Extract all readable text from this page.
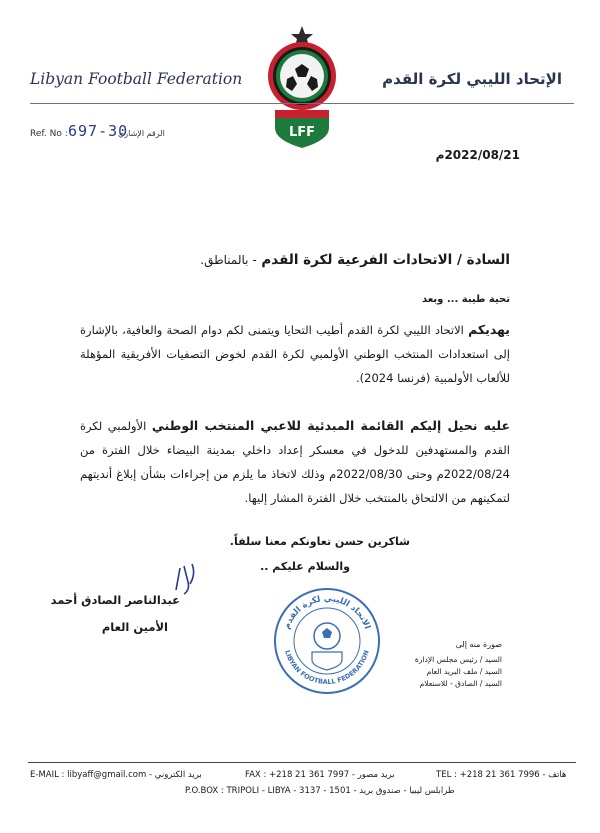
Libyan Football Federation
LFF
الإتحاد الليبي لكرة القدم
Ref. No : 697-30
الرقم الإشاري
2022/08/21م
السادة / الاتحادات الفرعية لكرة القدم - بالمناطق.
تحية طيبة ... وبعد
يهديكم الاتحاد الليبي لكرة القدم أطيب التحايا ويتمنى لكم دوام الصحة والعافية، بالإشارة إلى استعدادات المنتخب الوطني الأولمبي لكرة القدم لخوض التصفيات الأفريقية المؤهلة للألعاب الأولمبية (فرنسا 2024).
عليه نحيل إليكم القائمة المبدئية للاعبي المنتخب الوطني الأولمبي لكرة القدم والمستهدفين للدخول في معسكر إعداد داخلي بمدينة البيضاء خلال الفترة من 2022/08/24م وحتى 2022/08/30م وذلك لاتخاذ ما يلزم من إجراءات بشأن إبلاغ أنديتهم لتمكينهم من الالتحاق بالمنتخب خلال الفترة المشار إليها.
شاكرين حسن تعاونكم معنا سلفاً.
والسلام عليكم ..
عبدالناصر الصادق أحمد
الأمين العام	الاتحاد الليبي لكرة القدم
LIBYAN FOOTBALL FEDERATION
صورة منه إلى
السيد / رئيس مجلس الإدارة
السيد / ملف البريد العام
السيد / الصادق - للاستعلام
E-MAIL : libyaff@gmail.com - بريد الكتروني	FAX : +218 21 361 7997 - بريد مصور	TEL : +218 21 361 7996 - هاتف
P.O.BOX : TRIPOLI - LIBYA - 3137 - 1501 - طرابلس ليبيا - صندوق بريد
